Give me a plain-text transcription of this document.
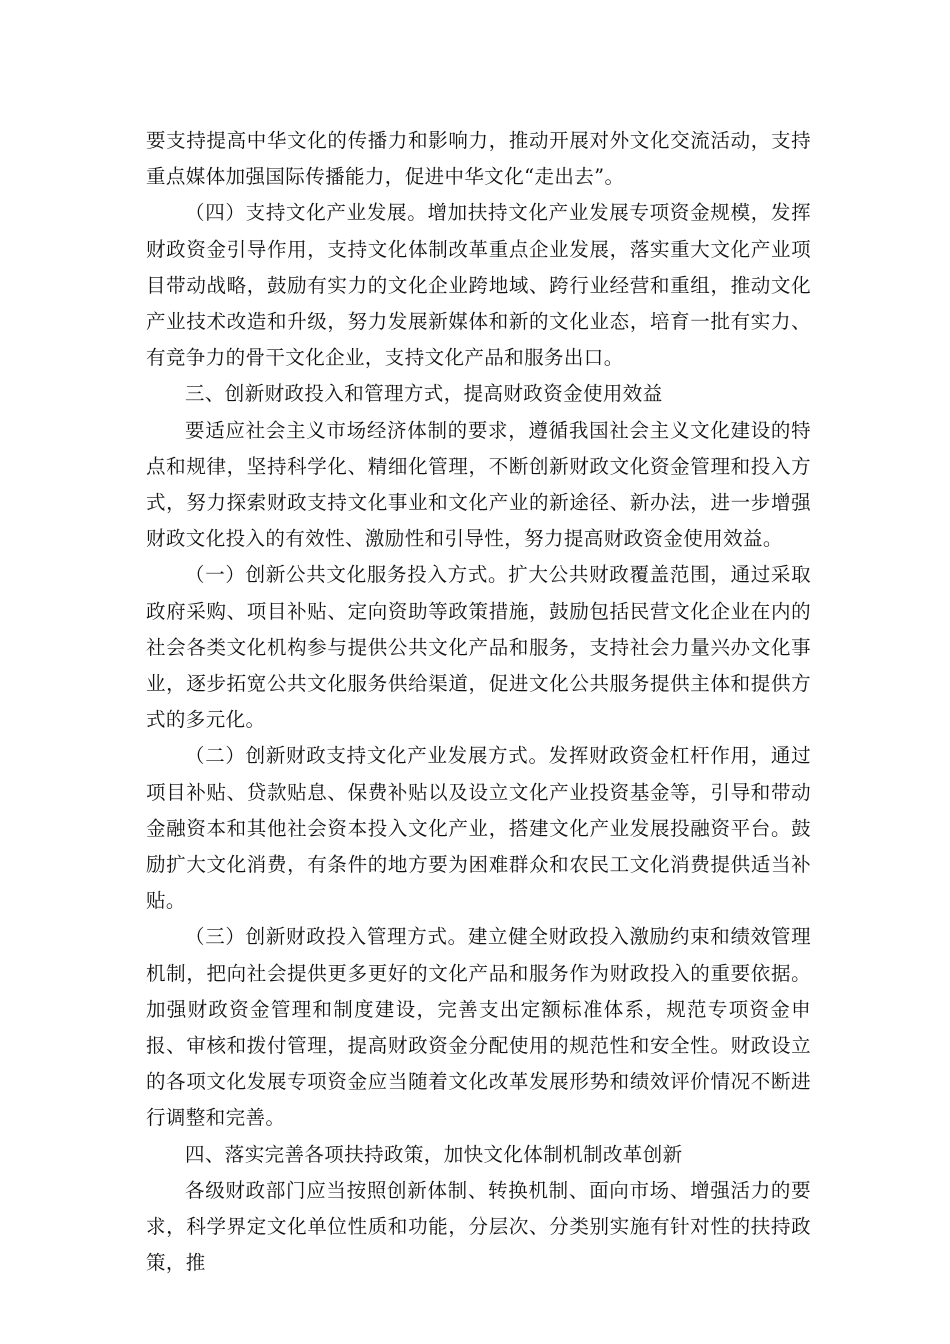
要支持提高中华文化的传播力和影响力，推动开展对外文化交流活动，支持重点媒体加强国际传播能力，促进中华文化“走出去”。

（四）支持文化产业发展。增加扶持文化产业发展专项资金规模，发挥财政资金引导作用，支持文化体制改革重点企业发展，落实重大文化产业项目带动战略，鼓励有实力的文化企业跨地域、跨行业经营和重组，推动文化产业技术改造和升级，努力发展新媒体和新的文化业态，培育一批有实力、有竞争力的骨干文化企业，支持文化产品和服务出口。

三、创新财政投入和管理方式，提高财政资金使用效益

要适应社会主义市场经济体制的要求，遵循我国社会主义文化建设的特点和规律，坚持科学化、精细化管理，不断创新财政文化资金管理和投入方式，努力探索财政支持文化事业和文化产业的新途径、新办法，进一步增强财政文化投入的有效性、激励性和引导性，努力提高财政资金使用效益。

（一）创新公共文化服务投入方式。扩大公共财政覆盖范围，通过采取政府采购、项目补贴、定向资助等政策措施，鼓励包括民营文化企业在内的社会各类文化机构参与提供公共文化产品和服务，支持社会力量兴办文化事业，逐步拓宽公共文化服务供给渠道，促进文化公共服务提供主体和提供方式的多元化。

（二）创新财政支持文化产业发展方式。发挥财政资金杠杆作用，通过项目补贴、贷款贴息、保费补贴以及设立文化产业投资基金等，引导和带动金融资本和其他社会资本投入文化产业，搭建文化产业发展投融资平台。鼓励扩大文化消费，有条件的地方要为困难群众和农民工文化消费提供适当补贴。

（三）创新财政投入管理方式。建立健全财政投入激励约束和绩效管理机制，把向社会提供更多更好的文化产品和服务作为财政投入的重要依据。加强财政资金管理和制度建设，完善支出定额标准体系，规范专项资金申报、审核和拨付管理，提高财政资金分配使用的规范性和安全性。财政设立的各项文化发展专项资金应当随着文化改革发展形势和绩效评价情况不断进行调整和完善。

四、落实完善各项扶持政策，加快文化体制机制改革创新

各级财政部门应当按照创新体制、转换机制、面向市场、增强活力的要求，科学界定文化单位性质和功能，分层次、分类别实施有针对性的扶持政策，推
